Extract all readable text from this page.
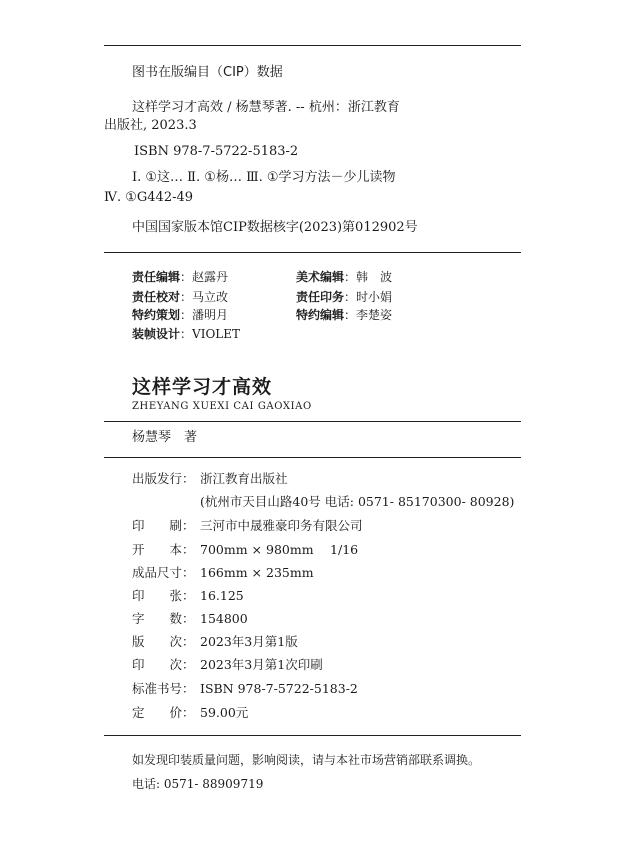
图书在版编目（CIP）数据
这样学习才高效 / 杨慧琴著. -- 杭州：浙江教育
出版社, 2023.3
ISBN 978-7-5722-5183-2
Ⅰ. ①这… Ⅱ. ①杨… Ⅲ. ①学习方法－少儿读物
Ⅳ. ①G442-49
中国国家版本馆CIP数据核字(2023)第012902号
责任编辑：赵露丹	美术编辑：韩　波
责任校对：马立改	责任印务：时小娟
特约策划：潘明月	特约编辑：李楚姿
装帧设计：VIOLET
这样学习才高效
ZHEYANG XUEXI CAI GAOXIAO
杨慧琴　著
出版发行： 浙江教育出版社
(杭州市天目山路40号 电话: 0571- 85170300- 80928)
印　　刷： 三河市中晟雅豪印务有限公司
开　　本： 700mm × 980mm　 1/16
成品尺寸： 166mm × 235mm
印　　张： 16.125
字　　数： 154800
版　　次： 2023年3月第1版
印　　次： 2023年3月第1次印刷
标准书号： ISBN 978-7-5722-5183-2
定　　价： 59.00元
如发现印装质量问题，影响阅读，请与本社市场营销部联系调换。
电话: 0571- 88909719
